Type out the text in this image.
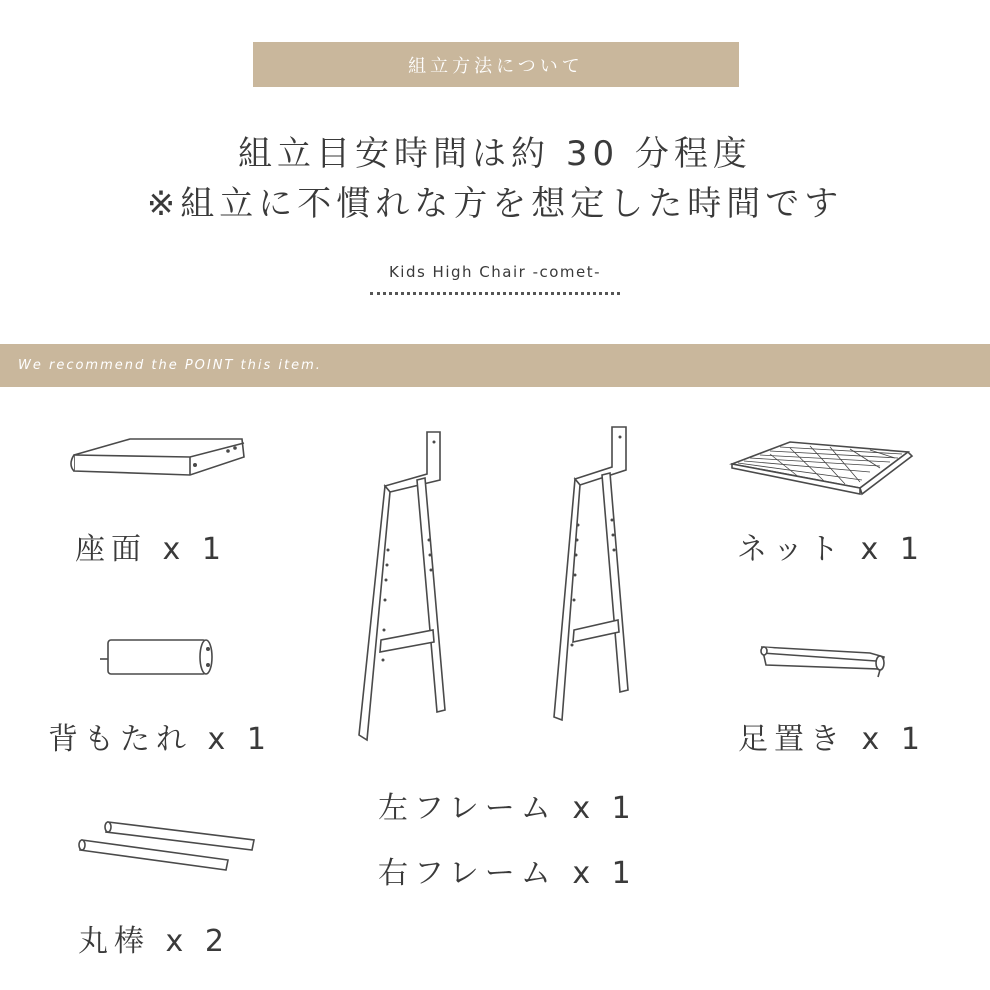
組立方法について
組立目安時間は約 30 分程度
※組立に不慣れな方を想定した時間です
Kids High Chair -comet-
We recommend the POINT this item.
座面 x 1
背もたれ x 1
丸棒 x 2
左フレーム x 1
右フレーム x 1
ネット x 1
足置き x 1
